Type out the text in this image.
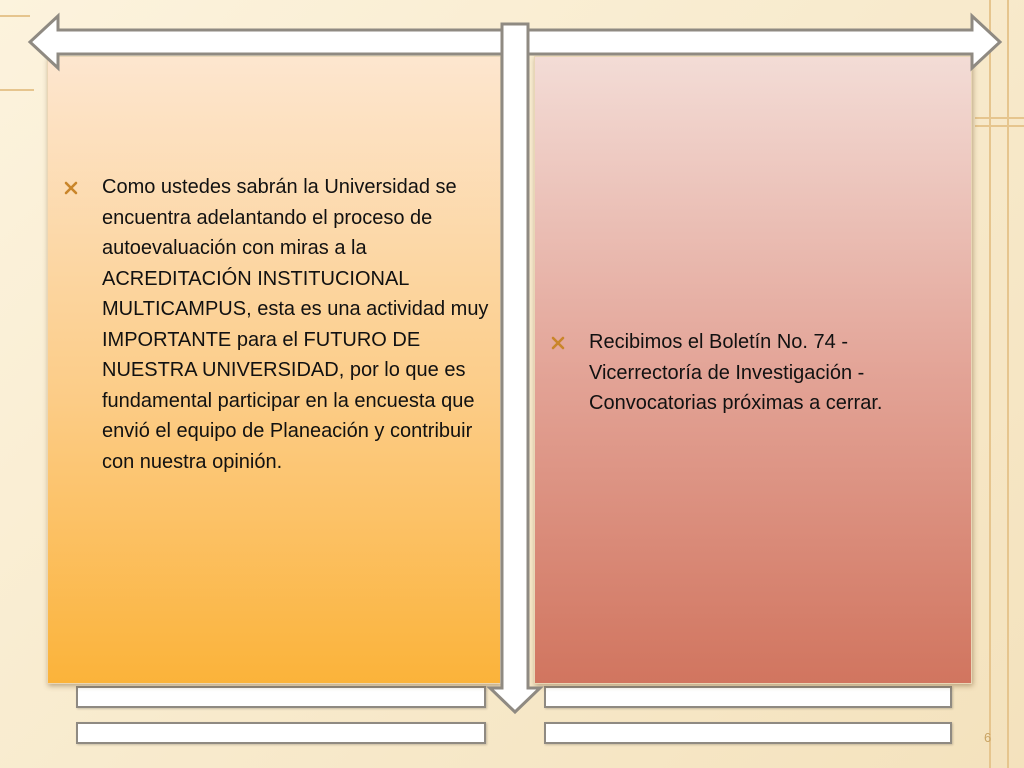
Como ustedes sabrán la Universidad se encuentra adelantando el proceso de autoevaluación con miras a la ACREDITACIÓN INSTITUCIONAL MULTICAMPUS, esta es una actividad muy IMPORTANTE para el FUTURO DE NUESTRA UNIVERSIDAD, por lo que es fundamental participar en la encuesta que envió el equipo de Planeación y contribuir con nuestra opinión.

Recibimos el Boletín No. 74 - Vicerrectoría de Investigación - Convocatorias próximas a cerrar.

6
